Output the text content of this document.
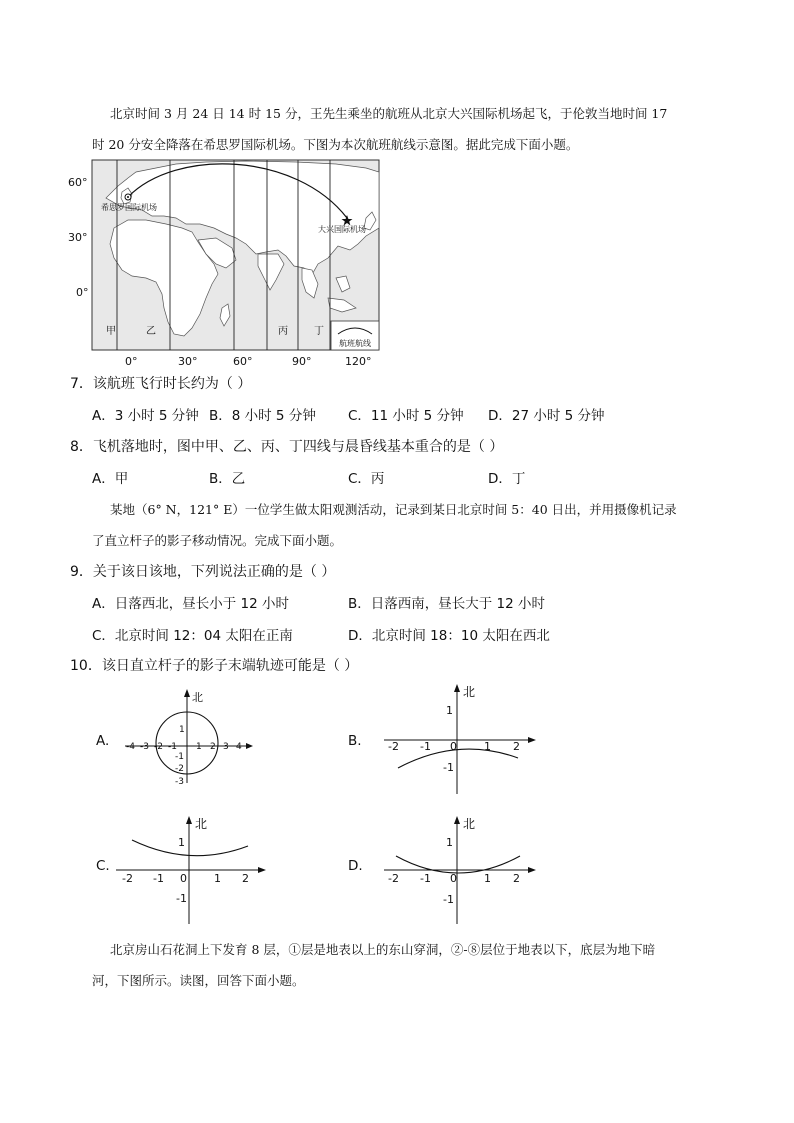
北京时间 3 月 24 日 14 时 15 分，王先生乘坐的航班从北京大兴国际机场起飞，于伦敦当地时间 17
时 20 分安全降落在希思罗国际机场。下图为本次航班航线示意图。据此完成下面小题。
希思罗国际机场
大兴国际机场
60°
30°
0°
甲	乙	丙	丁
航班航线
0°	30°	60°	90°	120°
7．该航班飞行时长约为（ ）
A．3 小时 5 分钟 B．8 小时 5 分钟 C．11 小时 5 分钟 D．27 小时 5 分钟
8．飞机落地时，图中甲、乙、丙、丁四线与晨昏线基本重合的是（ ）
A．甲	B．乙	C．丙	D．丁
某地（6° N，121° E）一位学生做太阳观测活动，记录到某日北京时间 5：40 日出，并用摄像机记录
了直立杆子的影子移动情况。完成下面小题。
9．关于该日该地，下列说法正确的是（ ）
A．日落西北，昼长小于 12 小时	B．日落西南，昼长大于 12 小时
C．北京时间 12：04 太阳在正南	D．北京时间 18：10 太阳在西北
10．该日直立杆子的影子末端轨迹可能是（ ）
A.
北
-4 -3 -2 -1 1 2 3 4
1
-1
-2
-3
B.
北
-2 -1 0 1 2
1
-1
C.
北
-2 -1 0 1 2
1
-1
D.
北
-2 -1 0 1 2
1
-1
北京房山石花洞上下发育 8 层，①层是地表以上的东山穿洞，②-⑧层位于地表以下，底层为地下暗
河，下图所示。读图，回答下面小题。
